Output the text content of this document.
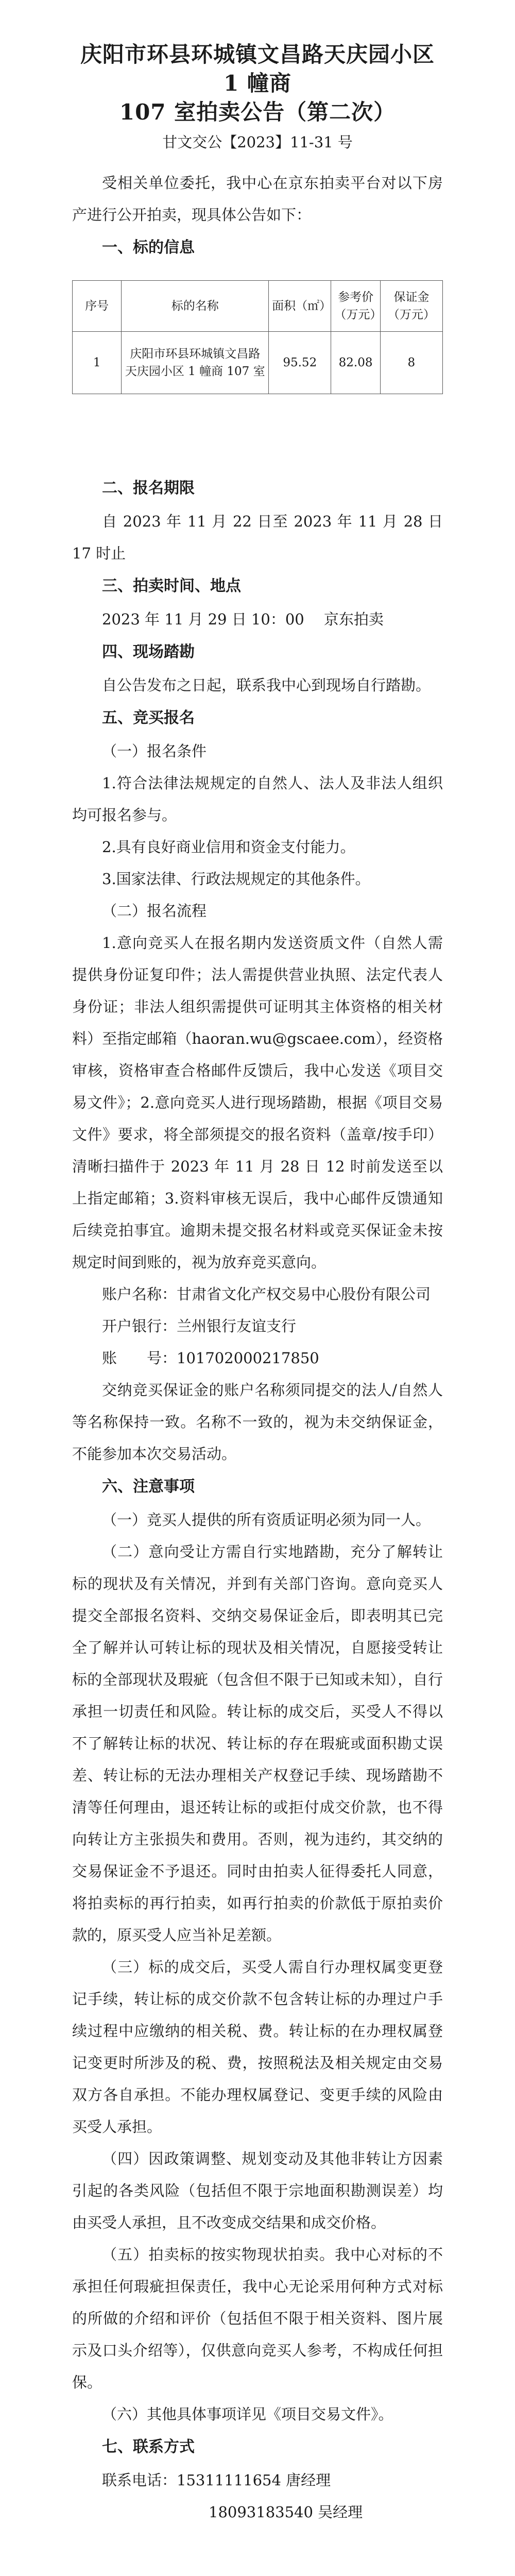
庆阳市环县环城镇文昌路天庆园小区 1 幢商
107 室拍卖公告（第二次）
甘文交公【2023】11-31 号

受相关单位委托，我中心在京东拍卖平台对以下房产进行公开拍卖，现具体公告如下：

一、标的信息

序号	标的名称	面积（㎡）	参考价（万元）	保证金（万元）
1	庆阳市环县环城镇文昌路天庆园小区 1 幢商 107 室	95.52	82.08	8

二、报名期限

自 2023 年 11 月 22 日至 2023 年 11 月 28 日 17 时止

三、拍卖时间、地点

2023 年 11 月 29 日 10：00　 京东拍卖

四、现场踏勘

自公告发布之日起，联系我中心到现场自行踏勘。

五、竞买报名

（一）报名条件

1.符合法律法规规定的自然人、法人及非法人组织均可报名参与。

2.具有良好商业信用和资金支付能力。

3.国家法律、行政法规规定的其他条件。

（二）报名流程

1.意向竞买人在报名期内发送资质文件（自然人需提供身份证复印件；法人需提供营业执照、法定代表人身份证；非法人组织需提供可证明其主体资格的相关材料）至指定邮箱（haoran.wu@gscaee.com），经资格审核，资格审查合格邮件反馈后，我中心发送《项目交易文件》；2.意向竞买人进行现场踏勘，根据《项目交易文件》要求，将全部须提交的报名资料（盖章/按手印）清晰扫描件于 2023 年 11 月 28 日 12 时前发送至以上指定邮箱；3.资料审核无误后，我中心邮件反馈通知后续竞拍事宜。逾期未提交报名材料或竞买保证金未按规定时间到账的，视为放弃竞买意向。

账户名称：甘肃省文化产权交易中心股份有限公司

开户银行：兰州银行友谊支行

账　　号：101702000217850

交纳竞买保证金的账户名称须同提交的法人/自然人等名称保持一致。名称不一致的，视为未交纳保证金，不能参加本次交易活动。

六、注意事项

（一）竞买人提供的所有资质证明必须为同一人。

（二）意向受让方需自行实地踏勘，充分了解转让标的现状及有关情况，并到有关部门咨询。意向竞买人提交全部报名资料、交纳交易保证金后，即表明其已完全了解并认可转让标的现状及相关情况，自愿接受转让标的全部现状及瑕疵（包含但不限于已知或未知），自行承担一切责任和风险。转让标的成交后，买受人不得以不了解转让标的状况、转让标的存在瑕疵或面积勘丈误差、转让标的无法办理相关产权登记手续、现场踏勘不清等任何理由，退还转让标的或拒付成交价款，也不得向转让方主张损失和费用。否则，视为违约，其交纳的交易保证金不予退还。同时由拍卖人征得委托人同意，将拍卖标的再行拍卖，如再行拍卖的价款低于原拍卖价款的，原买受人应当补足差额。

（三）标的成交后，买受人需自行办理权属变更登记手续，转让标的成交价款不包含转让标的办理过户手续过程中应缴纳的相关税、费。转让标的在办理权属登记变更时所涉及的税、费，按照税法及相关规定由交易双方各自承担。不能办理权属登记、变更手续的风险由买受人承担。

（四）因政策调整、规划变动及其他非转让方因素引起的各类风险（包括但不限于宗地面积勘测误差）均由买受人承担，且不改变成交结果和成交价格。

（五）拍卖标的按实物现状拍卖。我中心对标的不承担任何瑕疵担保责任，我中心无论采用何种方式对标的所做的介绍和评价（包括但不限于相关资料、图片展示及口头介绍等），仅供意向竞买人参考，不构成任何担保。

（六）其他具体事项详见《项目交易文件》。

七、联系方式

联系电话：15311111654 唐经理

18093183540 吴经理
